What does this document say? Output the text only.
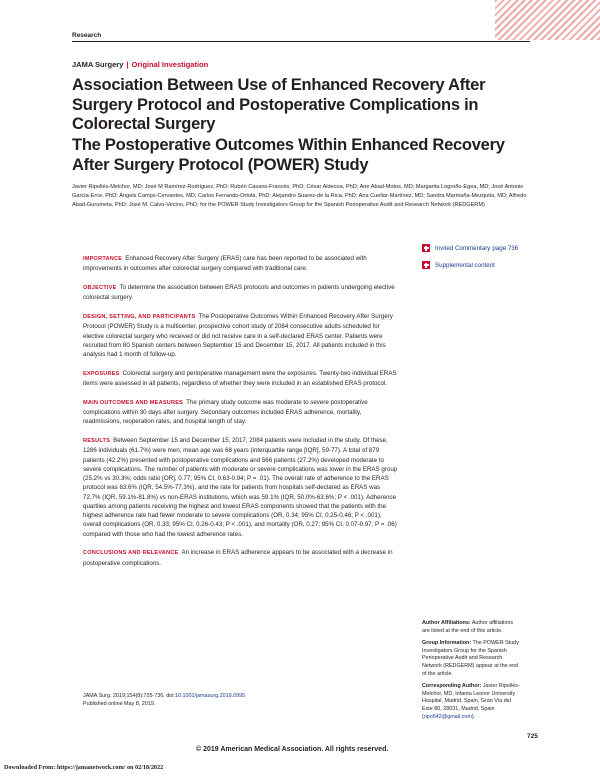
Research
JAMA Surgery | Original Investigation
Association Between Use of Enhanced Recovery After Surgery Protocol and Postoperative Complications in Colorectal Surgery
The Postoperative Outcomes Within Enhanced Recovery After Surgery Protocol (POWER) Study
Javier Ripollés-Melchor, MD; José M Ramírez-Rodríguez, PhD; Rubén Casans-Francés, PhD; César Aldecoa, PhD; Ane Abad-Motos, MD; Margarita Logroño-Egea, MD; José Antonio García-Erce, PhD; Ángels Camps-Cervantes, MD; Carlos Ferrando-Ortolá, PhD; Alejandro Suarez-de la Rica, PhD; Ana Cuellar-Martínez, MD; Sandra Marmaña-Mezquita, MD; Alfredo Abad-Gurumeta, PhD; José M. Calvo-Vecino, PhD; for the POWER Study Investigators Group for the Spanish Perioperative Audit and Research Network (REDGERM)
Invited Commentary page 736
Supplemental content

IMPORTANCE Enhanced Recovery After Surgery (ERAS) care has been reported to be associated with improvements in outcomes after colorectal surgery compared with traditional care.

OBJECTIVE To determine the association between ERAS protocols and outcomes in patients undergoing elective colorectal surgery.

DESIGN, SETTING, AND PARTICIPANTS The Postoperative Outcomes Within Enhanced Recovery After Surgery Protocol (POWER) Study is a multicenter, prospective cohort study of 2084 consecutive adults scheduled for elective colorectal surgery who received or did not receive care in a self-declared ERAS center. Patients were recruited from 80 Spanish centers between September 15 and December 15, 2017. All patients included in this analysis had 1 month of follow-up.

EXPOSURES Colorectal surgery and perioperative management were the exposures. Twenty-two individual ERAS items were assessed in all patients, regardless of whether they were included in an established ERAS protocol.

MAIN OUTCOMES AND MEASURES The primary study outcome was moderate to severe postoperative complications within 30 days after surgery. Secondary outcomes included ERAS adherence, mortality, readmissions, reoperation rates, and hospital length of stay.

RESULTS Between September 15 and December 15, 2017, 2084 patients were included in the study. Of these, 1286 individuals (61.7%) were men; mean age was 68 years (interquartile range [IQR], 59-77). A total of 879 patients (42.2%) presented with postoperative complications and 566 patients (27.2%) developed moderate to severe complications. The number of patients with moderate or severe complications was lower in the ERAS group (25.2% vs 30.3%; odds ratio [OR], 0.77; 95% CI, 0.63-0.94; P = .01). The overall rate of adherence to the ERAS protocol was 63.6% (IQR, 54.5%-77.3%), and the rate for patients from hospitals self-declared as ERAS was 72.7% (IQR, 59.1%-81.8%) vs non-ERAS institutions, which was 59.1% (IQR, 50.0%-63.6%; P < .001). Adherence quartiles among patients receiving the highest and lowest ERAS components showed that the patients with the highest adherence rate had fewer moderate to severe complications (OR, 0.34; 95% CI, 0.25-0.46; P < .001), overall complications (OR, 0.33; 95% CI, 0.26-0.43; P < .001), and mortality (OR, 0.27; 95% CI, 0.07-0.97; P = .06) compared with those who had the lowest adherence rates.

CONCLUSIONS AND RELEVANCE An increase in ERAS adherence appears to be associated with a decrease in postoperative complications.

JAMA Surg. 2019;154(8):725-736. doi:10.1001/jamasurg.2019.0995
Published online May 8, 2019.

Author Affiliations: Author affiliations are listed at the end of this article.

Group Information: The POWER Study Investigators Group for the Spanish Perioperative Audit and Research Network (REDGERM) appear at the end of the article.

Corresponding Author: Javier Ripollés-Melchor, MD, Infanta Leonor University Hospital, Madrid, Spain, Gran Vía del Este 80, 28031, Madrid, Spain (ripo542@gmail.com).

© 2019 American Medical Association. All rights reserved.
725
Downloaded From: https://jamanetwork.com/ on 02/18/2022
